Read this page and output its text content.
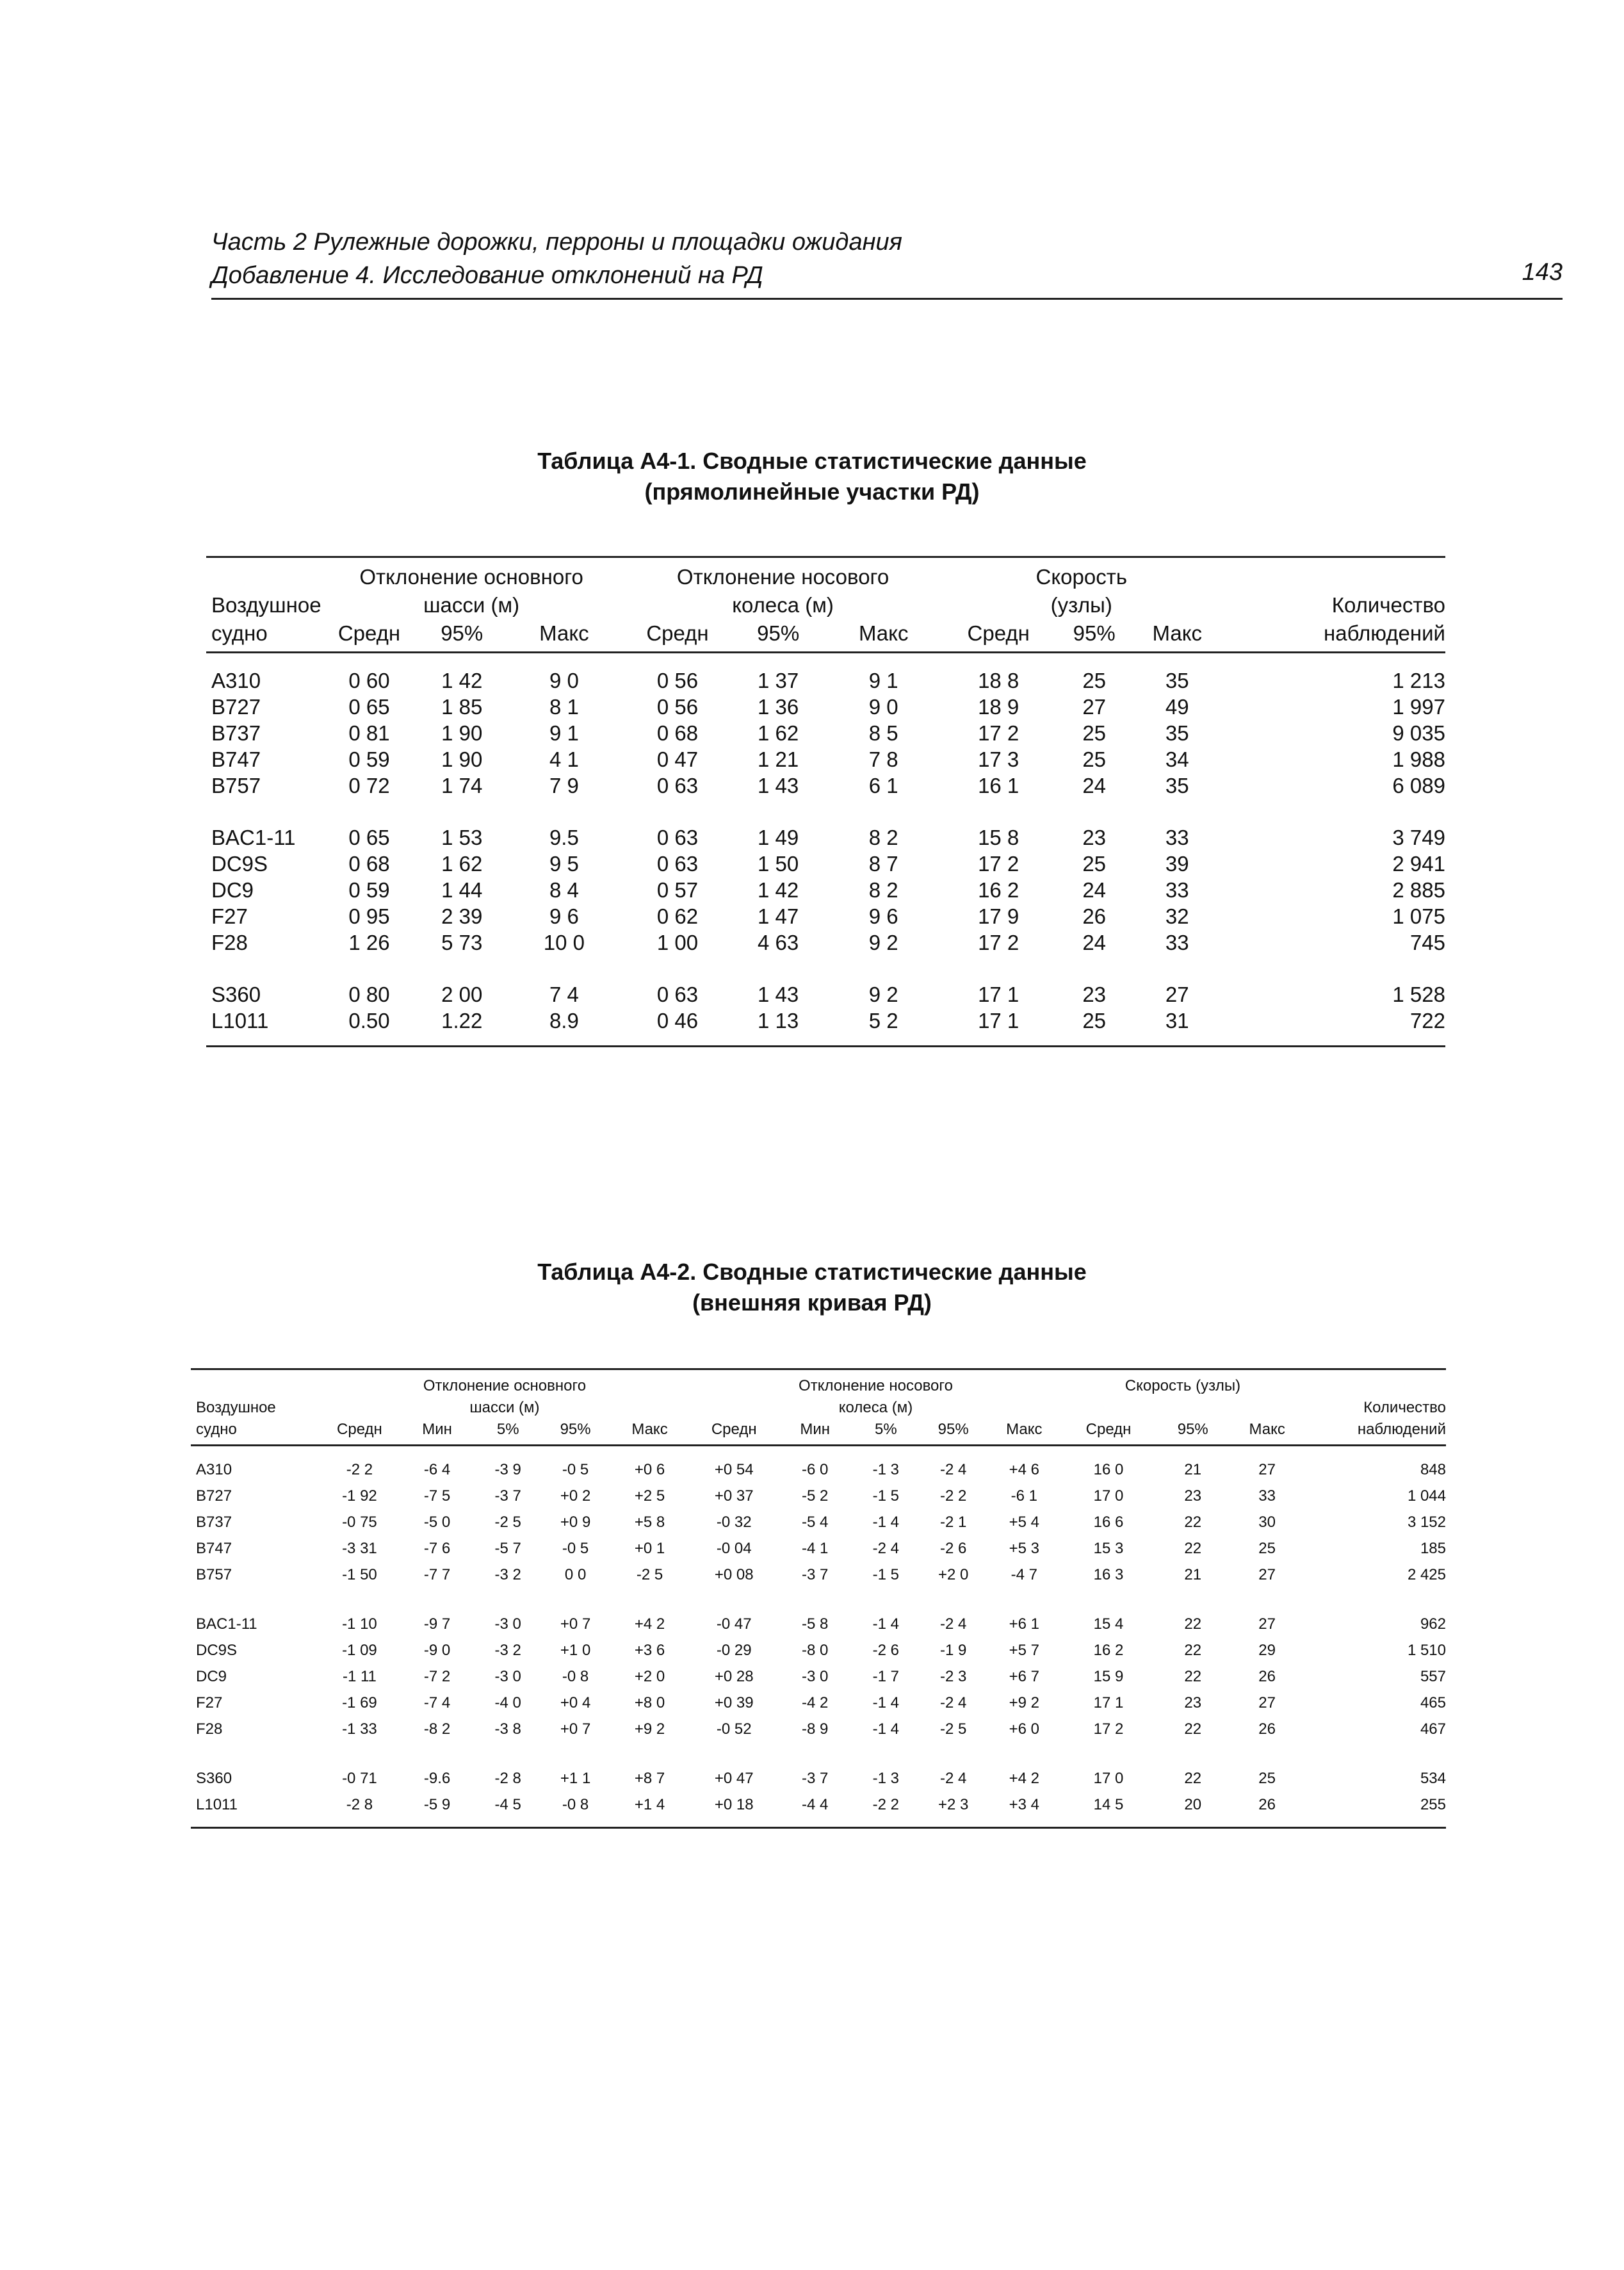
Часть 2 Рулежные дорожки, перроны и площадки ожидания
Добавление 4. Исследование отклонений на РД	143
Таблица А4-1. Сводные статистические данные
(прямолинейные участки РД)
	Отклонение основного			Отклонение носового			Скорость			
Воздушное	шасси (м)			колеса (м)			(узлы)			Количество
судно	Средн	95%	Макс	Средн	95%	Макс	Средн	95%	Макс	наблюдений
A310	0 60	1 42	9 0	0 56	1 37	9 1	18 8	25	35	1 213
B727	0 65	1 85	8 1	0 56	1 36	9 0	18 9	27	49	1 997
B737	0 81	1 90	9 1	0 68	1 62	8 5	17 2	25	35	9 035
B747	0 59	1 90	4 1	0 47	1 21	7 8	17 3	25	34	1 988
B757	0 72	1 74	7 9	0 63	1 43	6 1	16 1	24	35	6 089
BAC1-11	0 65	1 53	9.5	0 63	1 49	8 2	15 8	23	33	3 749
DC9S	0 68	1 62	9 5	0 63	1 50	8 7	17 2	25	39	2 941
DC9	0 59	1 44	8 4	0 57	1 42	8 2	16 2	24	33	2 885
F27	0 95	2 39	9 6	0 62	1 47	9 6	17 9	26	32	1 075
F28	1 26	5 73	10 0	1 00	4 63	9 2	17 2	24	33	745
S360	0 80	2 00	7 4	0 63	1 43	9 2	17 1	23	27	1 528
L1011	0.50	1.22	8.9	0 46	1 13	5 2	17 1	25	31	722
Таблица А4-2. Сводные статистические данные
(внешняя кривая РД)
	Отклонение основного					Отклонение носового					Скорость (узлы)			
Воздушное	шасси (м)					колеса (м)								Количество
судно	Средн	Мин	5%	95%	Макс	Средн	Мин	5%	95%	Макс	Средн	95%	Макс	наблюдений
A310	-2 2	-6 4	-3 9	-0 5	+0 6	+0 54	-6 0	-1 3	-2 4	+4 6	16 0	21	27	848
B727	-1 92	-7 5	-3 7	+0 2	+2 5	+0 37	-5 2	-1 5	-2 2	-6 1	17 0	23	33	1 044
B737	-0 75	-5 0	-2 5	+0 9	+5 8	-0 32	-5 4	-1 4	-2 1	+5 4	16 6	22	30	3 152
B747	-3 31	-7 6	-5 7	-0 5	+0 1	-0 04	-4 1	-2 4	-2 6	+5 3	15 3	22	25	185
B757	-1 50	-7 7	-3 2	0 0	-2 5	+0 08	-3 7	-1 5	+2 0	-4 7	16 3	21	27	2 425
BAC1-11	-1 10	-9 7	-3 0	+0 7	+4 2	-0 47	-5 8	-1 4	-2 4	+6 1	15 4	22	27	962
DC9S	-1 09	-9 0	-3 2	+1 0	+3 6	-0 29	-8 0	-2 6	-1 9	+5 7	16 2	22	29	1 510
DC9	-1 11	-7 2	-3 0	-0 8	+2 0	+0 28	-3 0	-1 7	-2 3	+6 7	15 9	22	26	557
F27	-1 69	-7 4	-4 0	+0 4	+8 0	+0 39	-4 2	-1 4	-2 4	+9 2	17 1	23	27	465
F28	-1 33	-8 2	-3 8	+0 7	+9 2	-0 52	-8 9	-1 4	-2 5	+6 0	17 2	22	26	467
S360	-0 71	-9.6	-2 8	+1 1	+8 7	+0 47	-3 7	-1 3	-2 4	+4 2	17 0	22	25	534
L1011	-2 8	-5 9	-4 5	-0 8	+1 4	+0 18	-4 4	-2 2	+2 3	+3 4	14 5	20	26	255
